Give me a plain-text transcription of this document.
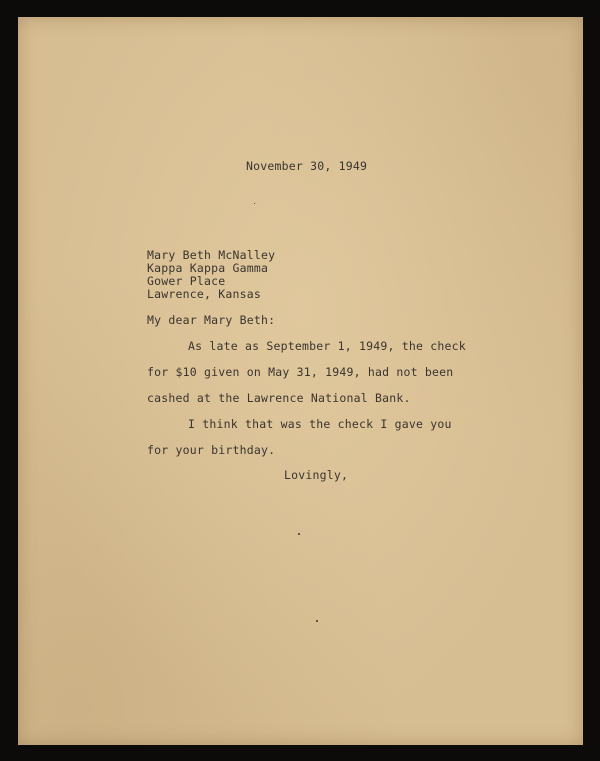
November 30, 1949
Mary Beth McNalley
Kappa Kappa Gamma
Gower Place
Lawrence, Kansas
My dear Mary Beth:
As late as September 1, 1949, the check
for $10 given on May 31, 1949, had not been
cashed at the Lawrence National Bank.
I think that was the check I gave you
for your birthday.
Lovingly,
